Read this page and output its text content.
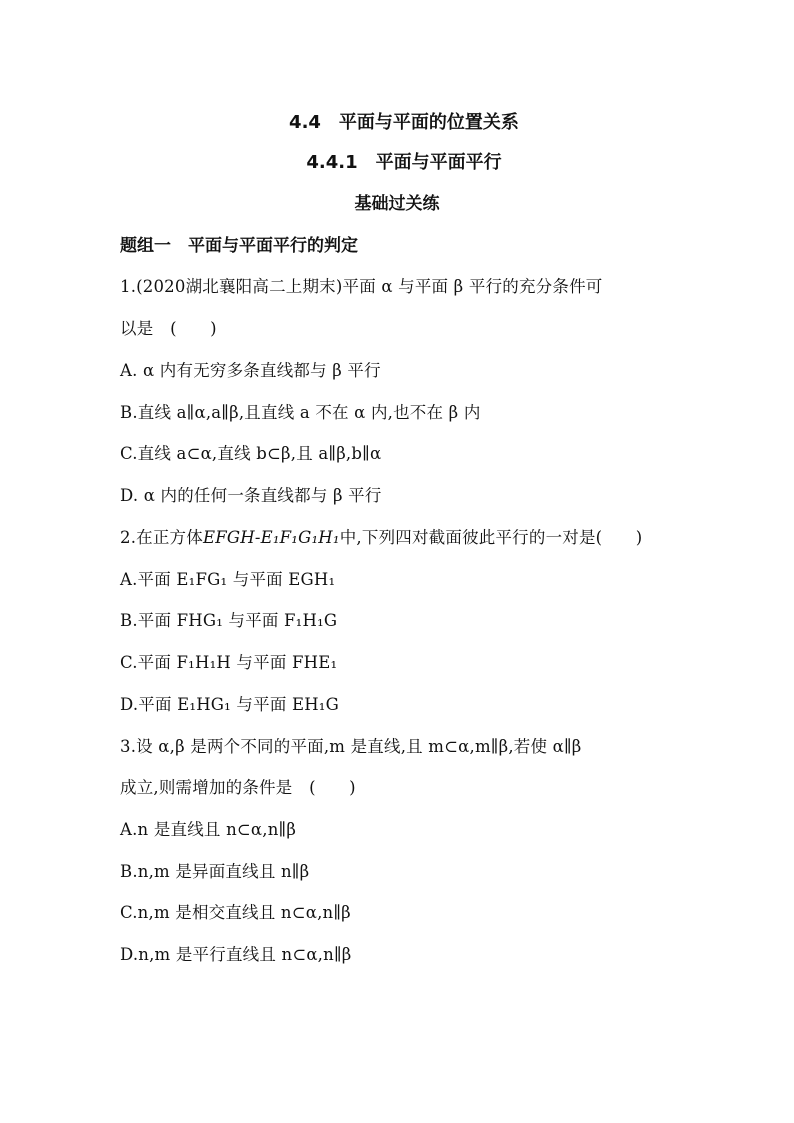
4.4　平面与平面的位置关系
4.4.1　平面与平面平行
基础过关练
题组一　平面与平面平行的判定
1.(2020湖北襄阳高二上期末)平面 α 与平面 β 平行的充分条件可
以是　(　　)
A. α 内有无穷多条直线都与 β 平行
B.直线 a∥α,a∥β,且直线 a 不在 α 内,也不在 β 内
C.直线 a⊂α,直线 b⊂β,且 a∥β,b∥α
D. α 内的任何一条直线都与 β 平行
2.在正方体EFGH-E₁F₁G₁H₁中,下列四对截面彼此平行的一对是(　　)
A.平面 E₁FG₁ 与平面 EGH₁
B.平面 FHG₁ 与平面 F₁H₁G
C.平面 F₁H₁H 与平面 FHE₁
D.平面 E₁HG₁ 与平面 EH₁G
3.设 α,β 是两个不同的平面,m 是直线,且 m⊂α,m∥β,若使 α∥β
成立,则需增加的条件是　(　　)
A.n 是直线且 n⊂α,n∥β
B.n,m 是异面直线且 n∥β
C.n,m 是相交直线且 n⊂α,n∥β
D.n,m 是平行直线且 n⊂α,n∥β
